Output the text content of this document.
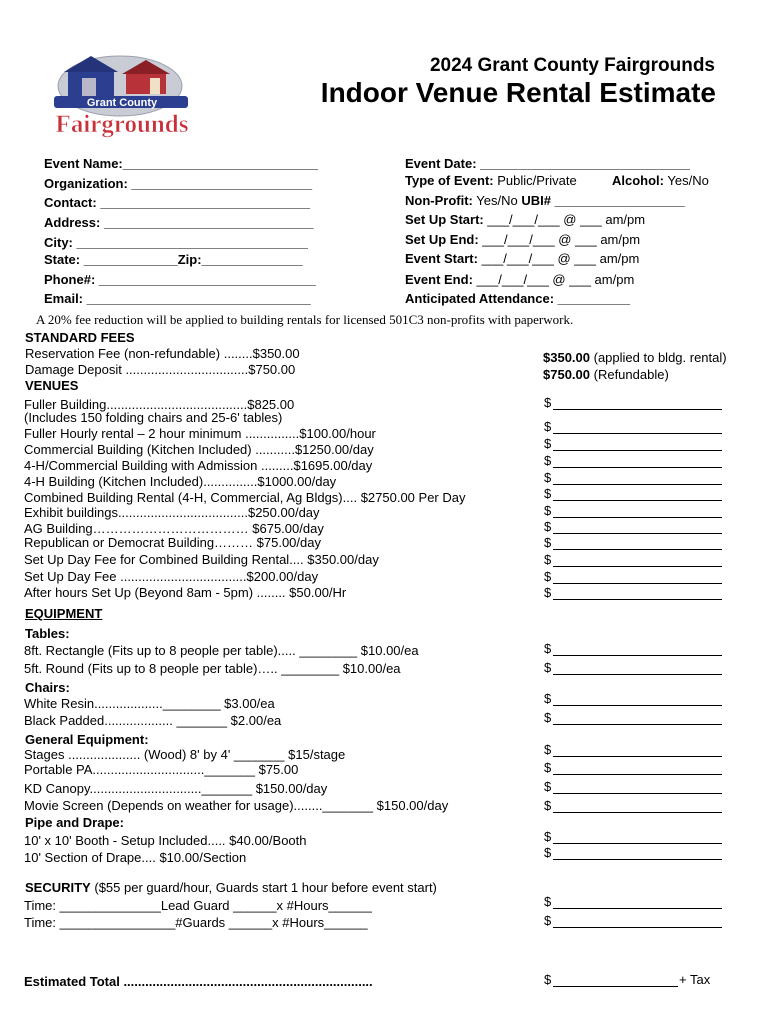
Grant County
Fairgrounds
2024 Grant County Fairgrounds
Indoor Venue Rental Estimate
Event Name:___________________________
Organization: _________________________
Contact: _____________________________
Address: _____________________________
City: ________________________________
State: _____________Zip:______________
Phone#: ______________________________
Email: _______________________________
Event Date: _____________________________
Type of Event: Public/Private	Alcohol: Yes/No
Non-Profit: Yes/No UBI# __________________
Set Up Start: ___/___/___ @ ___ am/pm
Set Up End: ___/___/___ @ ___ am/pm
Event Start: ___/___/___ @ ___ am/pm
Event End: ___/___/___ @ ___ am/pm
Anticipated Attendance: __________
A 20% fee reduction will be applied to building rentals for licensed 501C3 non-profits with paperwork.
STANDARD FEES
Reservation Fee (non-refundable) ........$350.00
Damage Deposit ..................................$750.00
$350.00 (applied to bldg. rental)
$750.00 (Refundable)
VENUES
Fuller Building.......................................$825.00
(Includes 150 folding chairs and 25-6' tables)
Fuller Hourly rental – 2 hour minimum ...............$100.00/hour
Commercial Building (Kitchen Included) ...........$1250.00/day
4-H/Commercial Building with Admission .........$1695.00/day
4-H Building (Kitchen Included)...............$1000.00/day
Combined Building Rental (4-H, Commercial, Ag Bldgs).... $2750.00 Per Day
Exhibit buildings....................................$250.00/day
AG Building……………………………… $675.00/day
Republican or Democrat Building……… $75.00/day
Set Up Day Fee for Combined Building Rental.... $350.00/day
Set Up Day Fee ...................................$200.00/day
After hours Set Up (Beyond 8am - 5pm) ........ $50.00/Hr
EQUIPMENT
Tables:
8ft. Rectangle (Fits up to 8 people per table)..... ________ $10.00/ea
5ft. Round (Fits up to 8 people per table)….. ________ $10.00/ea
Chairs:
White Resin...................________ $3.00/ea
Black Padded................... _______ $2.00/ea
General Equipment:
Stages .................... (Wood) 8' by 4' _______ $15/stage
Portable PA..............................._______ $75.00
KD Canopy..............................._______ $150.00/day
Movie Screen (Depends on weather for usage)........_______ $150.00/day
Pipe and Drape:
10' x 10' Booth - Setup Included..... $40.00/Booth
10' Section of Drape.... $10.00/Section
SECURITY ($55 per guard/hour, Guards start 1 hour before event start)
Time: ______________Lead Guard ______x #Hours______
Time: ________________#Guards ______x #Hours______
Estimated Total .....................................................................
$
$
$
$
$
$
$
$
$
$
$
$
$
$
$
$
$
$
$
$
$
$
$
$
$	+ Tax
